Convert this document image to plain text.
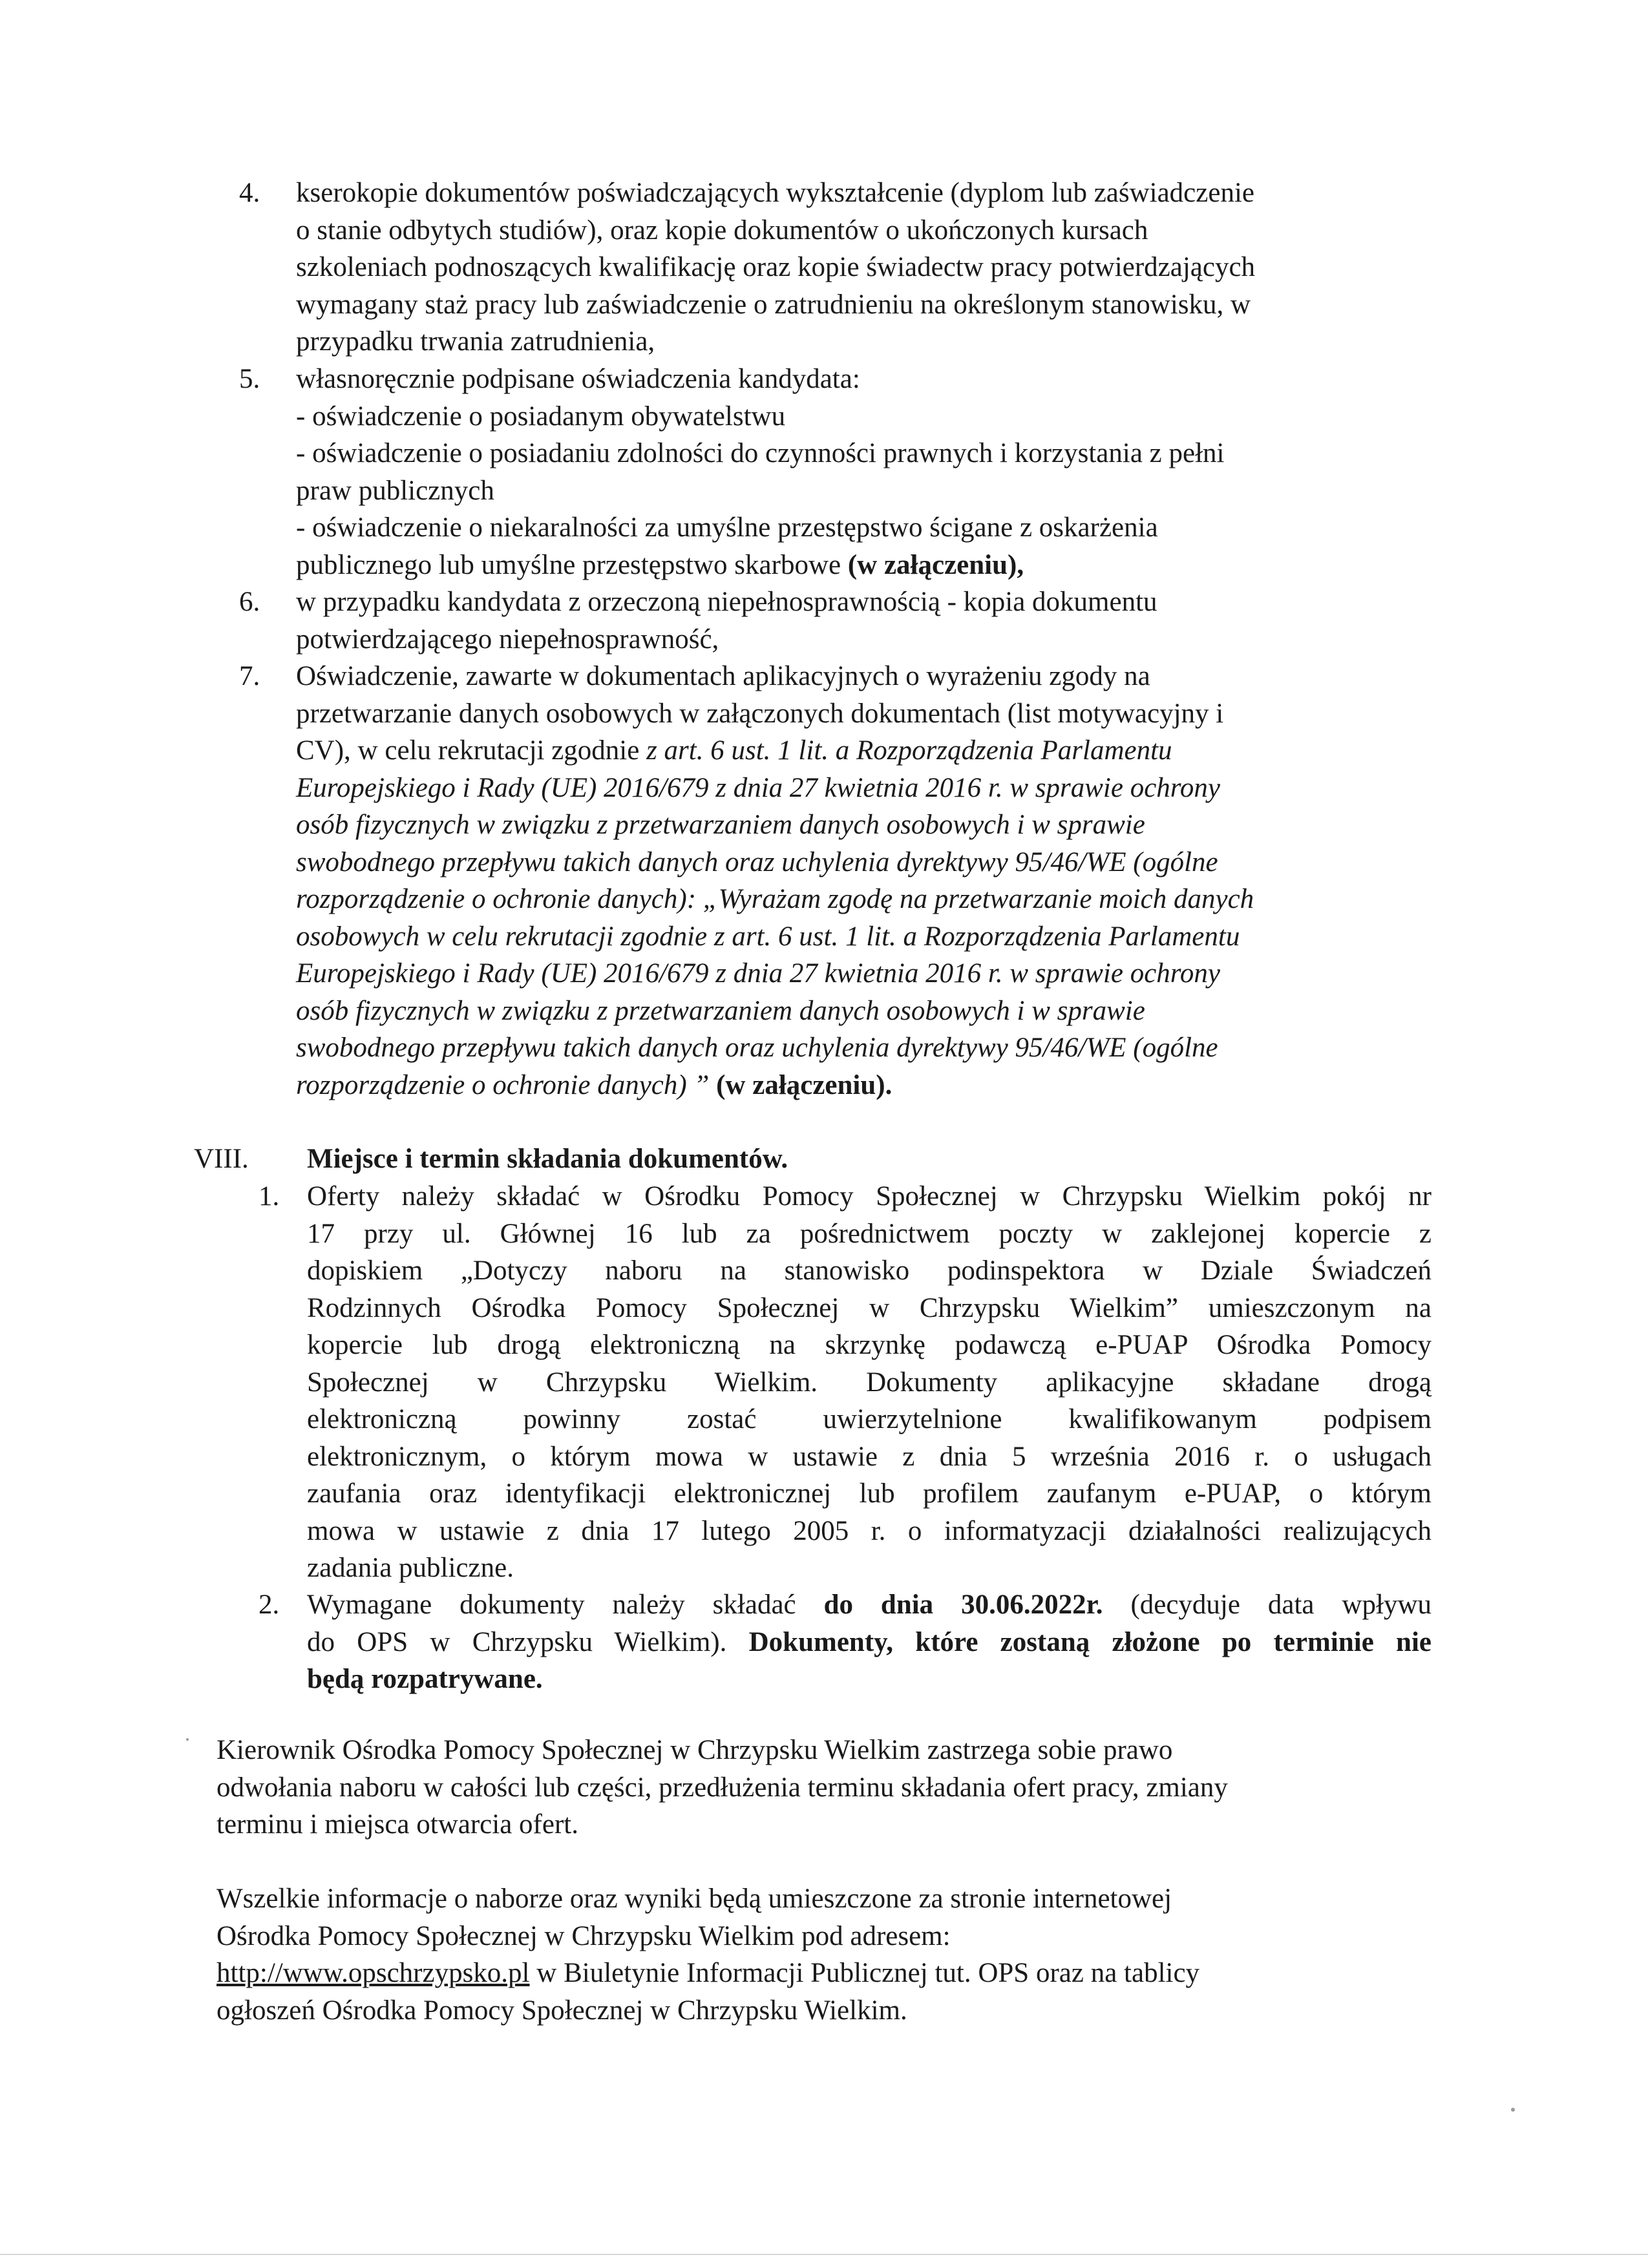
4. kserokopie dokumentów poświadczających wykształcenie (dyplom lub zaświadczenie
o stanie odbytych studiów), oraz kopie dokumentów o ukończonych kursach
szkoleniach podnoszących kwalifikację oraz kopie świadectw pracy potwierdzających
wymagany staż pracy lub zaświadczenie o zatrudnieniu na określonym stanowisku, w
przypadku trwania zatrudnienia,
5. własnoręcznie podpisane oświadczenia kandydata:
- oświadczenie o posiadanym obywatelstwu
- oświadczenie o posiadaniu zdolności do czynności prawnych i korzystania z pełni
praw publicznych
- oświadczenie o niekaralności za umyślne przestępstwo ścigane z oskarżenia
publicznego lub umyślne przestępstwo skarbowe (w załączeniu),
6. w przypadku kandydata z orzeczoną niepełnosprawnością - kopia dokumentu
potwierdzającego niepełnosprawność,
7. Oświadczenie, zawarte w dokumentach aplikacyjnych o wyrażeniu zgody na
przetwarzanie danych osobowych w załączonych dokumentach (list motywacyjny i
CV), w celu rekrutacji zgodnie z art. 6 ust. 1 lit. a Rozporządzenia Parlamentu
Europejskiego i Rady (UE) 2016/679 z dnia 27 kwietnia 2016 r. w sprawie ochrony
osób fizycznych w związku z przetwarzaniem danych osobowych i w sprawie
swobodnego przepływu takich danych oraz uchylenia dyrektywy 95/46/WE (ogólne
rozporządzenie o ochronie danych): „Wyrażam zgodę na przetwarzanie moich danych
osobowych w celu rekrutacji zgodnie z art. 6 ust. 1 lit. a Rozporządzenia Parlamentu
Europejskiego i Rady (UE) 2016/679 z dnia 27 kwietnia 2016 r. w sprawie ochrony
osób fizycznych w związku z przetwarzaniem danych osobowych i w sprawie
swobodnego przepływu takich danych oraz uchylenia dyrektywy 95/46/WE (ogólne
rozporządzenie o ochronie danych) ” (w załączeniu).
VIII. Miejsce i termin składania dokumentów.
1. Oferty należy składać w Ośrodku Pomocy Społecznej w Chrzypsku Wielkim pokój nr
17 przy ul. Głównej 16 lub za pośrednictwem poczty w zaklejonej kopercie z
dopiskiem „Dotyczy naboru na stanowisko podinspektora w Dziale Świadczeń
Rodzinnych Ośrodka Pomocy Społecznej w Chrzypsku Wielkim” umieszczonym na
kopercie lub drogą elektroniczną na skrzynkę podawczą e-PUAP Ośrodka Pomocy
Społecznej w Chrzypsku Wielkim. Dokumenty aplikacyjne składane drogą
elektroniczną powinny zostać uwierzytelnione kwalifikowanym podpisem
elektronicznym, o którym mowa w ustawie z dnia 5 września 2016 r. o usługach
zaufania oraz identyfikacji elektronicznej lub profilem zaufanym e-PUAP, o którym
mowa w ustawie z dnia 17 lutego 2005 r. o informatyzacji działalności realizujących
zadania publiczne.
2. Wymagane dokumenty należy składać do dnia 30.06.2022r. (decyduje data wpływu
do OPS w Chrzypsku Wielkim). Dokumenty, które zostaną złożone po terminie nie
będą rozpatrywane.
Kierownik Ośrodka Pomocy Społecznej w Chrzypsku Wielkim zastrzega sobie prawo
odwołania naboru w całości lub części, przedłużenia terminu składania ofert pracy, zmiany
terminu i miejsca otwarcia ofert.
Wszelkie informacje o naborze oraz wyniki będą umieszczone za stronie internetowej
Ośrodka Pomocy Społecznej w Chrzypsku Wielkim pod adresem:
http://www.opschrzypsko.pl w Biuletynie Informacji Publicznej tut. OPS oraz na tablicy
ogłoszeń Ośrodka Pomocy Społecznej w Chrzypsku Wielkim.
